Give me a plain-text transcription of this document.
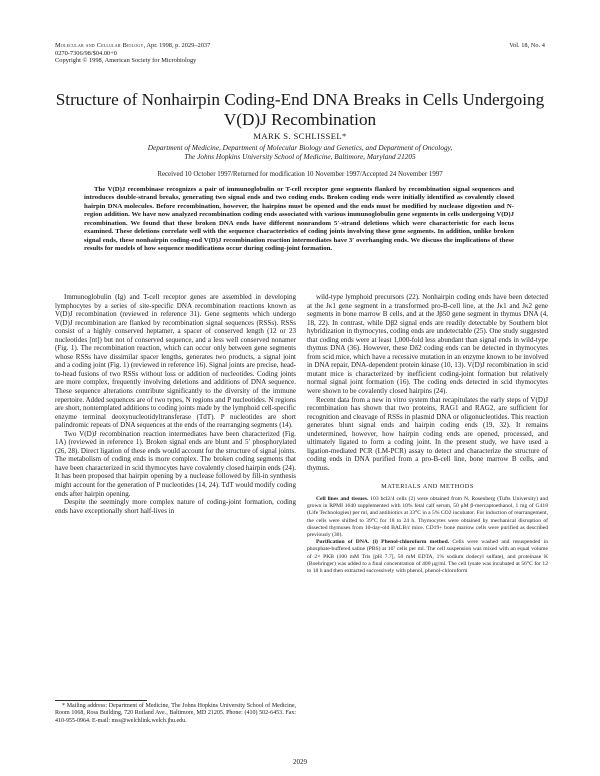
Molecular and Cellular Biology, Apr. 1998, p. 2029–2037
0270-7306/98/$04.00+0
Copyright © 1998, American Society for Microbiology
Vol. 18, No. 4
Structure of Nonhairpin Coding-End DNA Breaks in Cells Undergoing V(D)J Recombination
MARK S. SCHLISSEL*
Department of Medicine, Department of Molecular Biology and Genetics, and Department of Oncology,
The Johns Hopkins University School of Medicine, Baltimore, Maryland 21205
Received 10 October 1997/Returned for modification 10 November 1997/Accepted 24 November 1997

The V(D)J recombinase recognizes a pair of immunoglobulin or T-cell receptor gene segments flanked by recombination signal sequences and introduces double-strand breaks, generating two signal ends and two coding ends. Broken coding ends were initially identified as covalently closed hairpin DNA molecules. Before recombination, however, the hairpins must be opened and the ends must be modified by nuclease digestion and N-region addition. We have now analyzed recombination coding ends associated with various immunoglobulin gene segments in cells undergoing V(D)J recombination. We found that these broken DNA ends have different nonrandom 5′-strand deletions which were characteristic for each locus examined. These deletions correlate well with the sequence characteristics of coding joints involving these gene segments. In addition, unlike broken signal ends, these nonhairpin coding-end V(D)J recombination reaction intermediates have 3′ overhanging ends. We discuss the implications of these results for models of how sequence modifications occur during coding-joint formation.

Immunoglobulin (Ig) and T-cell receptor genes are assembled in developing lymphocytes by a series of site-specific DNA recombination reactions known as V(D)J recombination (reviewed in reference 31). Gene segments which undergo V(D)J recombination are flanked by recombination signal sequences (RSSs). RSSs consist of a highly conserved heptamer, a spacer of conserved length (12 or 23 nucleotides [nt]) but not of conserved sequence, and a less well conserved nonamer (Fig. 1). The recombination reaction, which can occur only between gene segments whose RSSs have dissimilar spacer lengths, generates two products, a signal joint and a coding joint (Fig. 1) (reviewed in reference 16). Signal joints are precise, head-to-head fusions of two RSSs without loss or addition of nucleotides. Coding joints are more complex, frequently involving deletions and additions of DNA sequence. These sequence alterations contribute significantly to the diversity of the immune repertoire. Added sequences are of two types, N regions and P nucleotides. N regions are short, nontemplated additions to coding joints made by the lymphoid cell-specific enzyme terminal deoxynucleotidyltransferase (TdT). P nucleotides are short palindromic repeats of DNA sequences at the ends of the rearranging segments (14).

Two V(D)J recombination reaction intermediates have been characterized (Fig. 1A) (reviewed in reference 1). Broken signal ends are blunt and 5′ phosphorylated (26, 28). Direct ligation of these ends would account for the structure of signal joints. The metabolism of coding ends is more complex. The broken coding segments that have been characterized in scid thymocytes have covalently closed hairpin ends (24). It has been proposed that hairpin opening by a nuclease followed by fill-in synthesis might account for the generation of P nucleotides (14, 24). TdT would modify coding ends after hairpin opening.

Despite the seemingly more complex nature of coding-joint formation, coding ends have exceptionally short half-lives in

wild-type lymphoid precursors (22). Nonhairpin coding ends have been detected at the Jκ1 gene segment in a transformed pro-B-cell line, at the Jκ1 and Jκ2 gene segments in bone marrow B cells, and at the Jβ50 gene segment in thymus DNA (4, 18, 22). In contrast, while Dβ2 signal ends are readily detectable by Southern blot hybridization in thymocytes, coding ends are undetectable (25). One study suggested that coding ends were at least 1,000-fold less abundant than signal ends in wild-type thymus DNA (36). However, these Dδ2 coding ends can be detected in thymocytes from scid mice, which have a recessive mutation in an enzyme known to be involved in DNA repair, DNA-dependent protein kinase (10, 13). V(D)J recombination in scid mutant mice is characterized by inefficient coding-joint formation but relatively normal signal joint formation (16). The coding ends detected in scid thymocytes were shown to be covalently closed hairpins (24).

Recent data from a new in vitro system that recapitulates the early steps of V(D)J recombination has shown that two proteins, RAG1 and RAG2, are sufficient for recognition and cleavage of RSSs in plasmid DNA or oligonucleotides. This reaction generates blunt signal ends and hairpin coding ends (19, 32). It remains undetermined, however, how hairpin coding ends are opened, processed, and ultimately ligated to form a coding joint. In the present study, we have used a ligation-mediated PCR (LM-PCR) assay to detect and characterize the structure of coding ends in DNA purified from a pro-B-cell line, bone marrow B cells, and thymus.

MATERIALS AND METHODS

Cell lines and tissues. 103 bcl2/4 cells (2) were obtained from N. Rosenberg (Tufts University) and grown in RPMI 1640 supplemented with 10% fetal calf serum, 50 μM β-mercaptoethanol, 1 mg of G418 (Life Technologies) per ml, and antibiotics at 33°C in a 5% CO2 incubator. For induction of rearrangement, the cells were shifted to 39°C for 18 to 24 h. Thymocytes were obtained by mechanical disruption of dissected thymuses from 10-day-old BALB/c mice. CD19+ bone marrow cells were purified as described previously (30).

Purification of DNA. (i) Phenol-chloroform method. Cells were washed and resuspended in phosphate-buffered saline (PBS) at 10⁷ cells per ml. The cell suspension was mixed with an equal volume of 2× PKB (100 mM Tris [pH 7.7], 50 mM EDTA, 1% sodium dodecyl sulfate), and proteinase K (Boehringer) was added to a final concentration of 400 μg/ml. The cell lysate was incubated at 56°C for 12 to 18 h and then extracted successively with phenol, phenol-chloroform

* Mailing address: Department of Medicine, The Johns Hopkins University School of Medicine, Room 1068, Ross Building, 720 Rutland Ave., Baltimore, MD 21205. Phone: (410) 502-6453. Fax: 410-955-0964. E-mail: mss@welchlink.welch.jhu.edu.

2029
